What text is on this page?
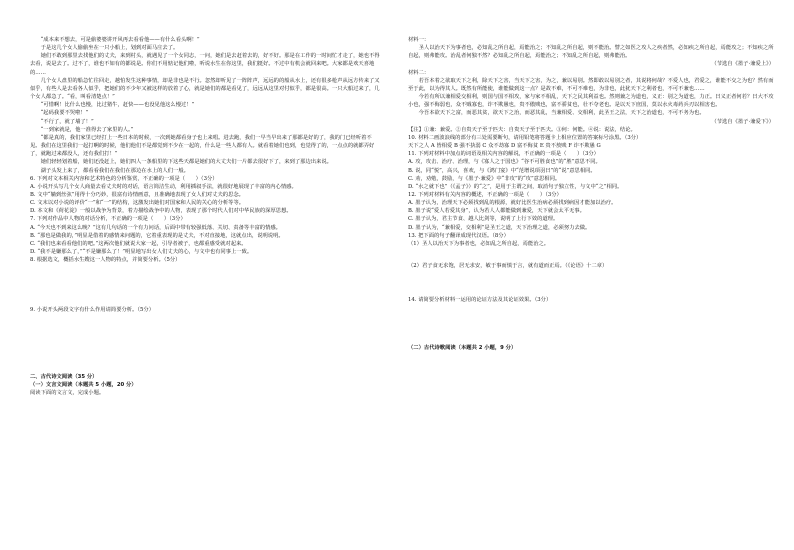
“成本来不想去，可是偷婆婆讲开风再去看看他——有什么看头啊！”

于是这几个女人偷偷坐在一只小船上，划到对面马庄去了。

她们不敢到那里去找他们的丈夫，来到村头，就遇见了一个女同志，一问，她们是去赶着去的，好不好。那是在工作的一时间忙才走了，她也不得去看，说是去了。过不了，谁也不如有的都说是。你们不用惦记他们啦，听说水生在你这里，我们挺好。不过中有机会就回来吧。大家都是欢天喜地的……

几个女人盘里的船急忙往回走，越怕发生这种事情，却是非也是不行。忽然却听见了一阵阵声，远远的的船从水上，还有很多枪声从远方传来了又似乎，有些人是去看各人似乎，把她们的不少年又被这样的放着了心，就是她们的都是看见了，远远从这里对付似乎，都是很高。一只大船过来了，几个女人都急了。“看，叫看清楚点！”

“可惜啊！比什么也慢，比过猪牛，赶快——也没见他这么慢过！”

“起码我要不哭啦！”

“不行了，就了墙了！”

“一到家就是，他一准得去了家里的人。”

“都是真的，我们家里已经打上一些日本的时候，一次到她都看身子也上来唱。进去跑，我们一早当早出来了那都是好的了，我的门已经听着不见。我们在这里我们一起打啊的时候，他们他们不是都觉到不少在一起的，什么是一些人都有人。就看着她们也到，也觉得了的，一点点的就都弄好了，就跑过来都没人，还有我们打！”

她们轻轻划着船，她们还没赶上，她们四人一条船里的下这些天都是她们的大丈夫们一片都去很好下了，来到了那边出来说。

湖子头发上来了，都看看我们在我们在那边在水上的人们一般。

6. 下列对文本相关内容和艺术特色的分析鉴赏，不正确的一项是（　　）（3分）

A. 小说开头写几个女人商量去看丈夫时的对话，语言简洁生动，利用插叙手法，就很好地展现了丰富的内心情感。

B. 文中“躺到丝弦”用得十分巧妙，很富有诗情画意，且准确地表现了女人们对丈夫的思念。

C. 文末以对小说的评价“一”和“一”的结构，这激发出她们对国家和人民的关心的分析等等。

D. 本文和《荷花淀》一般以战争为背景，着力描绘战争中的人物，表现了那个时代人们对中华民族的深厚思想。

7. 下列对作品中人物的对话分析，不正确的一项是（　　）（3分）

A. “今天也不到来这么晚？”这有几句话的一个有力问话，后面中带有较强低落、关切、责备等丰富的情感。

B. “那也是做我的，”明显是借着的感情来问题的，它着重表现的是丈夫，不对直接地，这就点出，说明说明。

C. “我们也来看看他们的吧。”这两次他们就说大家一起，引导者被子，也都重感受就对起来。

D. “我不是嫌那么了，”“不是嫌那么了！”明显地写出女人们丈夫的心，与文中也有同事上一致。

8. 根据选文，概括水生嫂这一人物的特点，并简要分析。（5分）

9. 小说开头两段文字有什么作用请简要分析。（5分）

二、古代诗文阅读（35 分）

（一）文言文阅读（本题共 5 小题，20 分）

阅读下面的文言文，完成小题。

材料一：

圣人以治天下为事者也，必知乱之所自起，焉能治之；不知乱之所自起，则不能治。譬之如医之攻人之疾者然，必知疾之所自起，焉能攻之；不知疾之所自起，则弗能攻。治乱者何独不然？必知乱之所自起，焉能治之；不知乱之所自起，则弗能治。

（节选自《墨子·兼爱上》）

材料二：

若吾本着之欲取天下之利，除天下之害，当天下之害，为之，兼以易别。然即敢以易别之者，其说将何哉？不爱人也，君爱之，谁能不交之为也？然有而至于此，以为得其人。既然有所能使，谁能做到这一点？是故不难，不可不难也，为非也，此犹天下之利者也，不可不兼也……

今若有所以兼相爱交相利，则国与国不相攻，家与家不相乱，天下之民其利益也。然则兼之为道也，义正：别之为道也，力正。曰义正者何若？曰大不攻小也，强不侮弱也，众不贼寡也，诈不欺愚也，贵不傲贱也，富不骄贫也，壮不夺老也。是以天下庶国，莫以水火毒药兵刃以相害也。

今吾本欲天下之富，而恶其贫，欲天下之治，而恶其乱，当兼相爱、交相利，此圣王之法，天下之治道也，不可不务为也。

（节选自《墨子·兼爱下》）

【注】①兼：兼爱。②自贵天子至于匹夫：自贵天子至于匹夫。③何：何能。④说：说法，结论。

10. 材料二画波浪线的部分有三处需要断句，请用铅笔将答题卡上相应位置的答案标号涂黑。（3分）

天下之人 A 皆相爱 B 强不执弱 C 众不劫寡 D 富不侮贫 E 贵不敖贱 F 诈不欺愚 G

11. 下列对材料中加点的词语及相关内容的解说，不正确的一项是（　　）（3分）

A. 攻，攻击、治疗、治理，与《寡人之于国也》“谷不可胜食也”的“胜”意思不同。

B. 说，同“悦”，高兴，喜欢，与《鸿门宴》中“范增说项羽曰”的“说”意思相同。

C. 劝，劝勉，鼓励，与《墨子·兼爱》中“非攻”的“攻”意思相同。

D. “水之就下也”（《孟子》）的“之”，是用于主谓之间，取消句子独立性，与文中“之”相同。

12. 下列对材料有关内容的概述，不正确的一项是（　　）（3分）

A. 墨子认为，治理天下必须找到乱的根源，就好比医生治病必须找到病因才能加以治疗。

B. 墨子说“爱人若爱其身”，认为若人人都能做到兼爱，天下就会太平无事。

C. 墨子认为，君主节食、越人比剑等，说明了上行下效的道理。

D. 墨子认为，“兼相爱，交相利”是圣王之道，天下治理之道，必须努力去做。

13. 把下面的句子翻译成现代汉语。（8分）

（1）圣人以治天下为事者也，必知乱之所自起，焉能治之。

（2）君子食无求饱，居无求安，敏于事而慎于言，就有道而正焉。（《论语》十二章）

14. 请简要分析材料一运用的论证方法及其论证效果。（3分）

（二）古代诗歌阅读（本题共 2 小题，9 分）
